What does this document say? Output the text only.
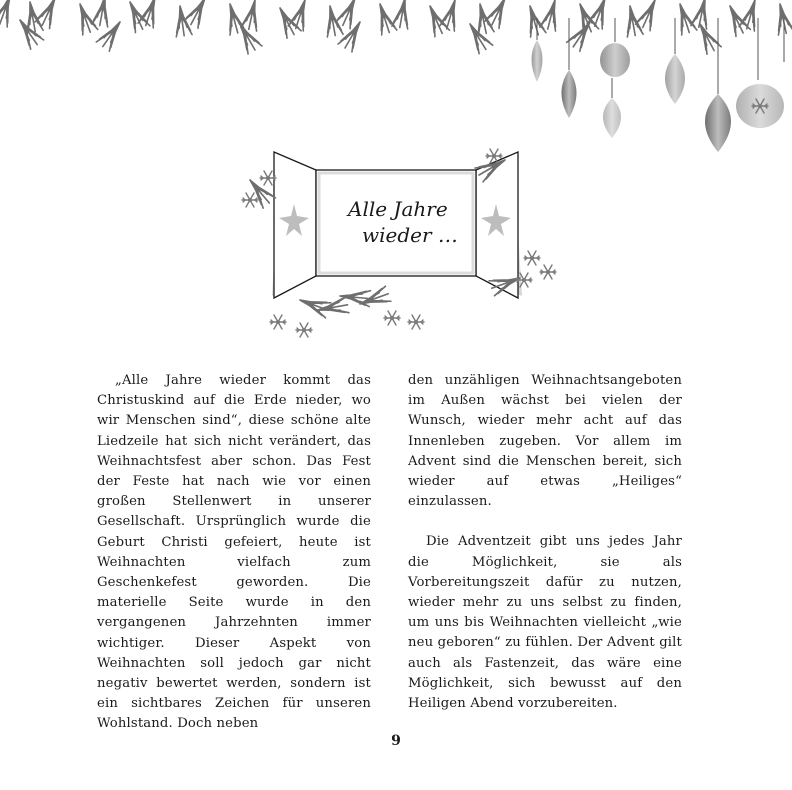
Alle Jahre
wieder …

„Alle Jahre wieder kommt das Christuskind auf die Erde nieder, wo wir Menschen sind“, diese schöne alte Liedzeile hat sich nicht verändert, das Weihnachtsfest aber schon. Das Fest der Feste hat nach wie vor einen großen Stellenwert in unserer Gesellschaft. Ursprünglich wurde die Geburt Christi gefeiert, heute ist Weihnachten vielfach zum Geschenkefest geworden. Die materielle Seite wurde in den vergangenen Jahrzehnten immer wichtiger. Dieser Aspekt von Weihnachten soll jedoch gar nicht negativ bewertet werden, sondern ist ein sichtbares Zeichen für unseren Wohlstand. Doch neben

den unzähligen Weihnachtsangeboten im Außen wächst bei vielen der Wunsch, wieder mehr acht auf das Innenleben zugeben. Vor allem im Advent sind die Menschen bereit, sich wieder auf etwas „Heiliges“ einzulassen.

Die Adventzeit gibt uns jedes Jahr die Möglichkeit, sie als Vorbereitungszeit dafür zu nutzen, wieder mehr zu uns selbst zu finden, um uns bis Weihnachten vielleicht „wie neu geboren“ zu fühlen. Der Advent gilt auch als Fastenzeit, das wäre eine Möglichkeit, sich bewusst auf den Heiligen Abend vorzubereiten.

9
